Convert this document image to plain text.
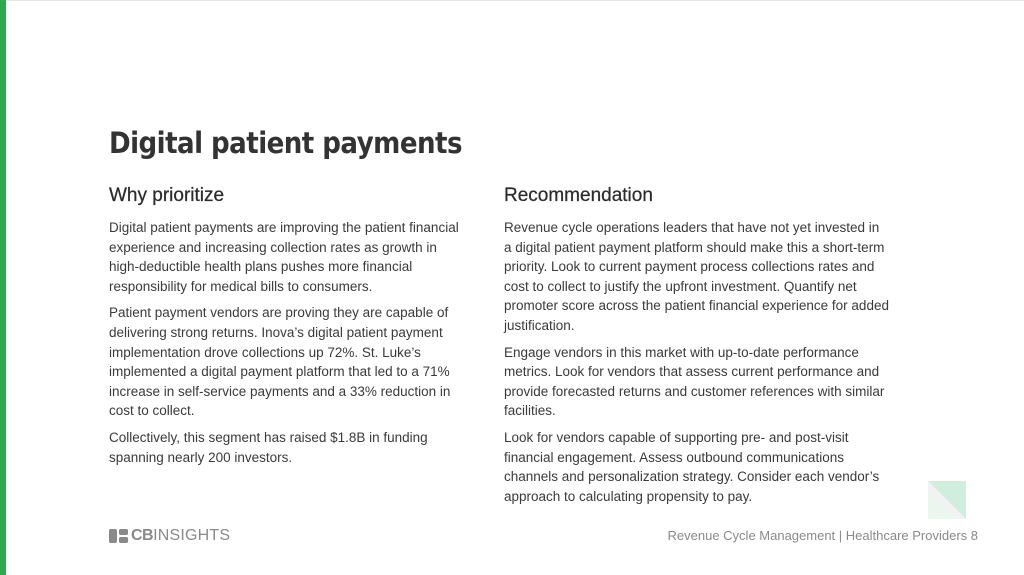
Digital patient payments
Why prioritize

Digital patient payments are improving the patient financial experience and increasing collection rates as growth in high-deductible health plans pushes more financial responsibility for medical bills to consumers.

Patient payment vendors are proving they are capable of delivering strong returns. Inova’s digital patient payment implementation drove collections up 72%. St. Luke’s implemented a digital payment platform that led to a 71% increase in self-service payments and a 33% reduction in cost to collect.

Collectively, this segment has raised $1.8B in funding spanning nearly 200 investors.

Recommendation

Revenue cycle operations leaders that have not yet invested in a digital patient payment platform should make this a short-term priority. Look to current payment process collections rates and cost to collect to justify the upfront investment. Quantify net promoter score across the patient financial experience for added justification.

Engage vendors in this market with up-to-date performance metrics. Look for vendors that assess current performance and provide forecasted returns and customer references with similar facilities.

Look for vendors capable of supporting pre- and post-visit financial engagement. Assess outbound communications channels and personalization strategy. Consider each vendor’s approach to calculating propensity to pay.

CBINSIGHTS	Revenue Cycle Management | Healthcare Providers 8
